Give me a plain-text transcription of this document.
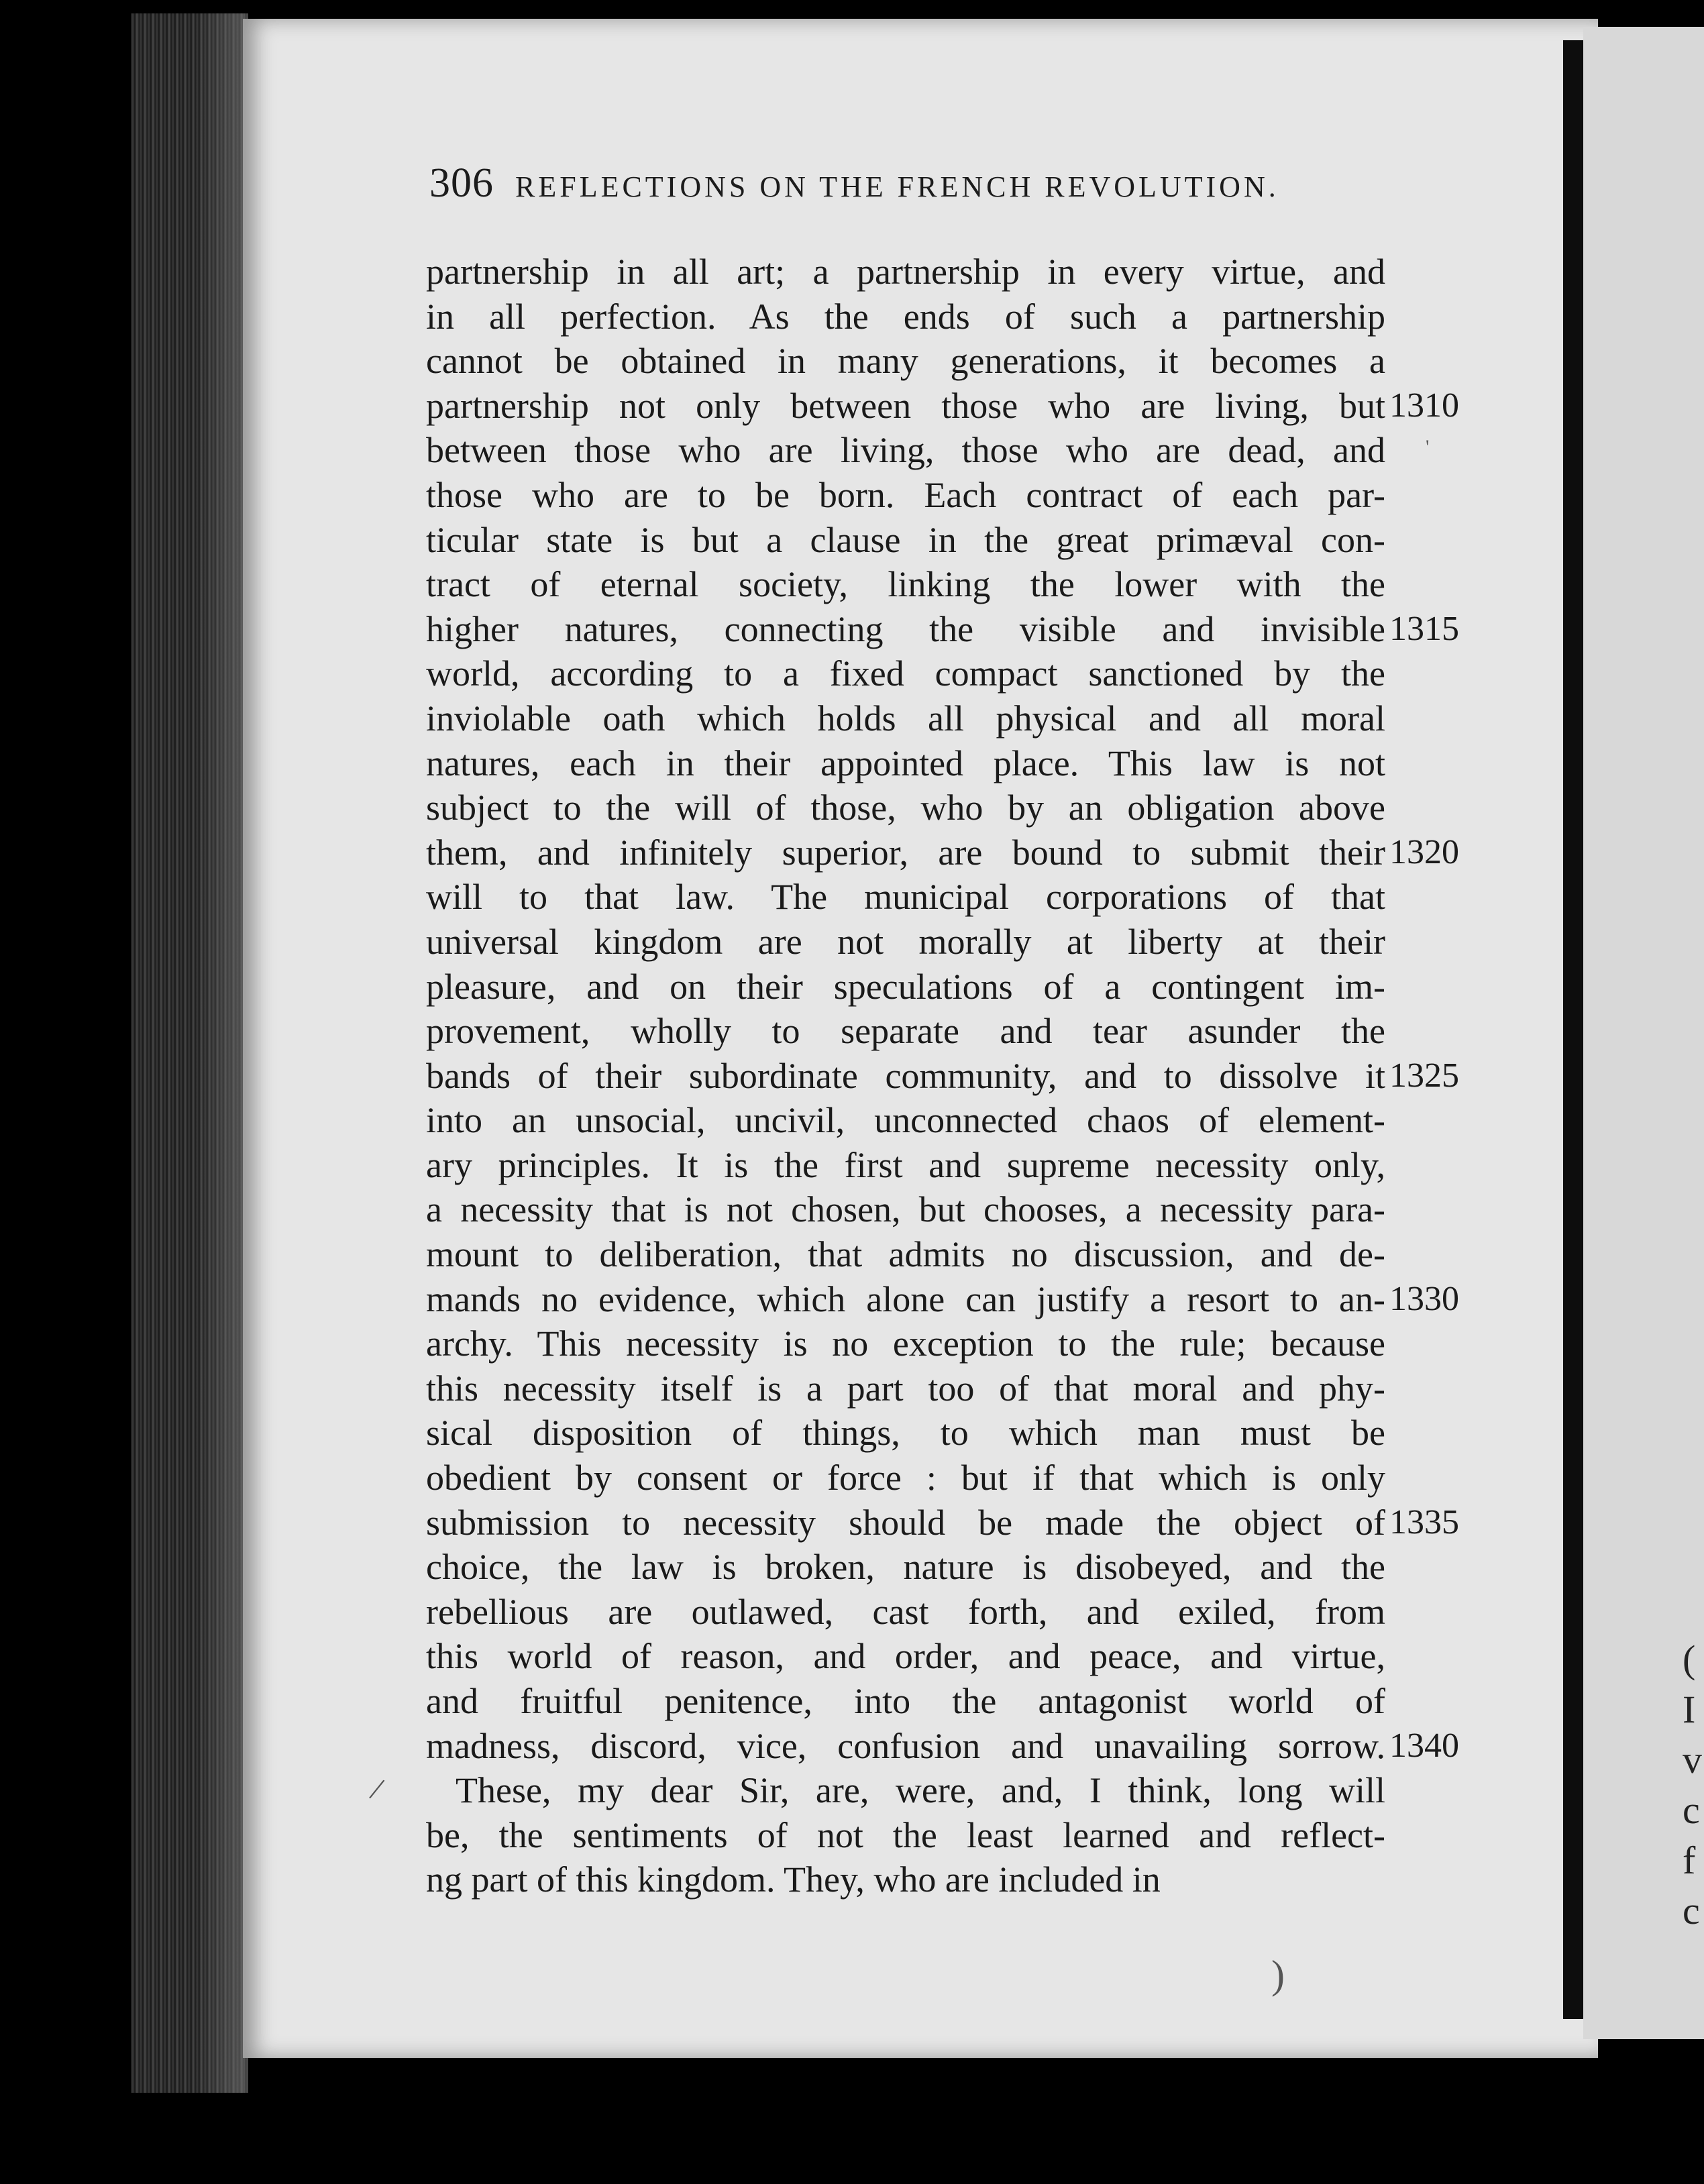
306 REFLECTIONS ON THE FRENCH REVOLUTION.
partnership in all art; a partnership in every virtue, and
in all perfection. As the ends of such a partnership
cannot be obtained in many generations, it becomes a
partnership not only between those who are living, but 1310
between those who are living, those who are dead, and
those who are to be born. Each contract of each par-
ticular state is but a clause in the great primæval con-
tract of eternal society, linking the lower with the
higher natures, connecting the visible and invisible 1315
world, according to a fixed compact sanctioned by the
inviolable oath which holds all physical and all moral
natures, each in their appointed place. This law is not
subject to the will of those, who by an obligation above
them, and infinitely superior, are bound to submit their 1320
will to that law. The municipal corporations of that
universal kingdom are not morally at liberty at their
pleasure, and on their speculations of a contingent im-
provement, wholly to separate and tear asunder the
bands of their subordinate community, and to dissolve it 1325
into an unsocial, uncivil, unconnected chaos of element-
ary principles. It is the first and supreme necessity only,
a necessity that is not chosen, but chooses, a necessity para-
mount to deliberation, that admits no discussion, and de-
mands no evidence, which alone can justify a resort to an- 1330
archy. This necessity is no exception to the rule; because
this necessity itself is a part too of that moral and phy-
sical disposition of things, to which man must be
obedient by consent or force : but if that which is only
submission to necessity should be made the object of 1335
choice, the law is broken, nature is disobeyed, and the
rebellious are outlawed, cast forth, and exiled, from
this world of reason, and order, and peace, and virtue,
and fruitful penitence, into the antagonist world of
madness, discord, vice, confusion and unavailing sorrow. 1340
These, my dear Sir, are, were, and, I think, long will
be, the sentiments of not the least learned and reflect-
ng part of this kingdom. They, who are included in
(
I
v
c
f
c
'
)
/
